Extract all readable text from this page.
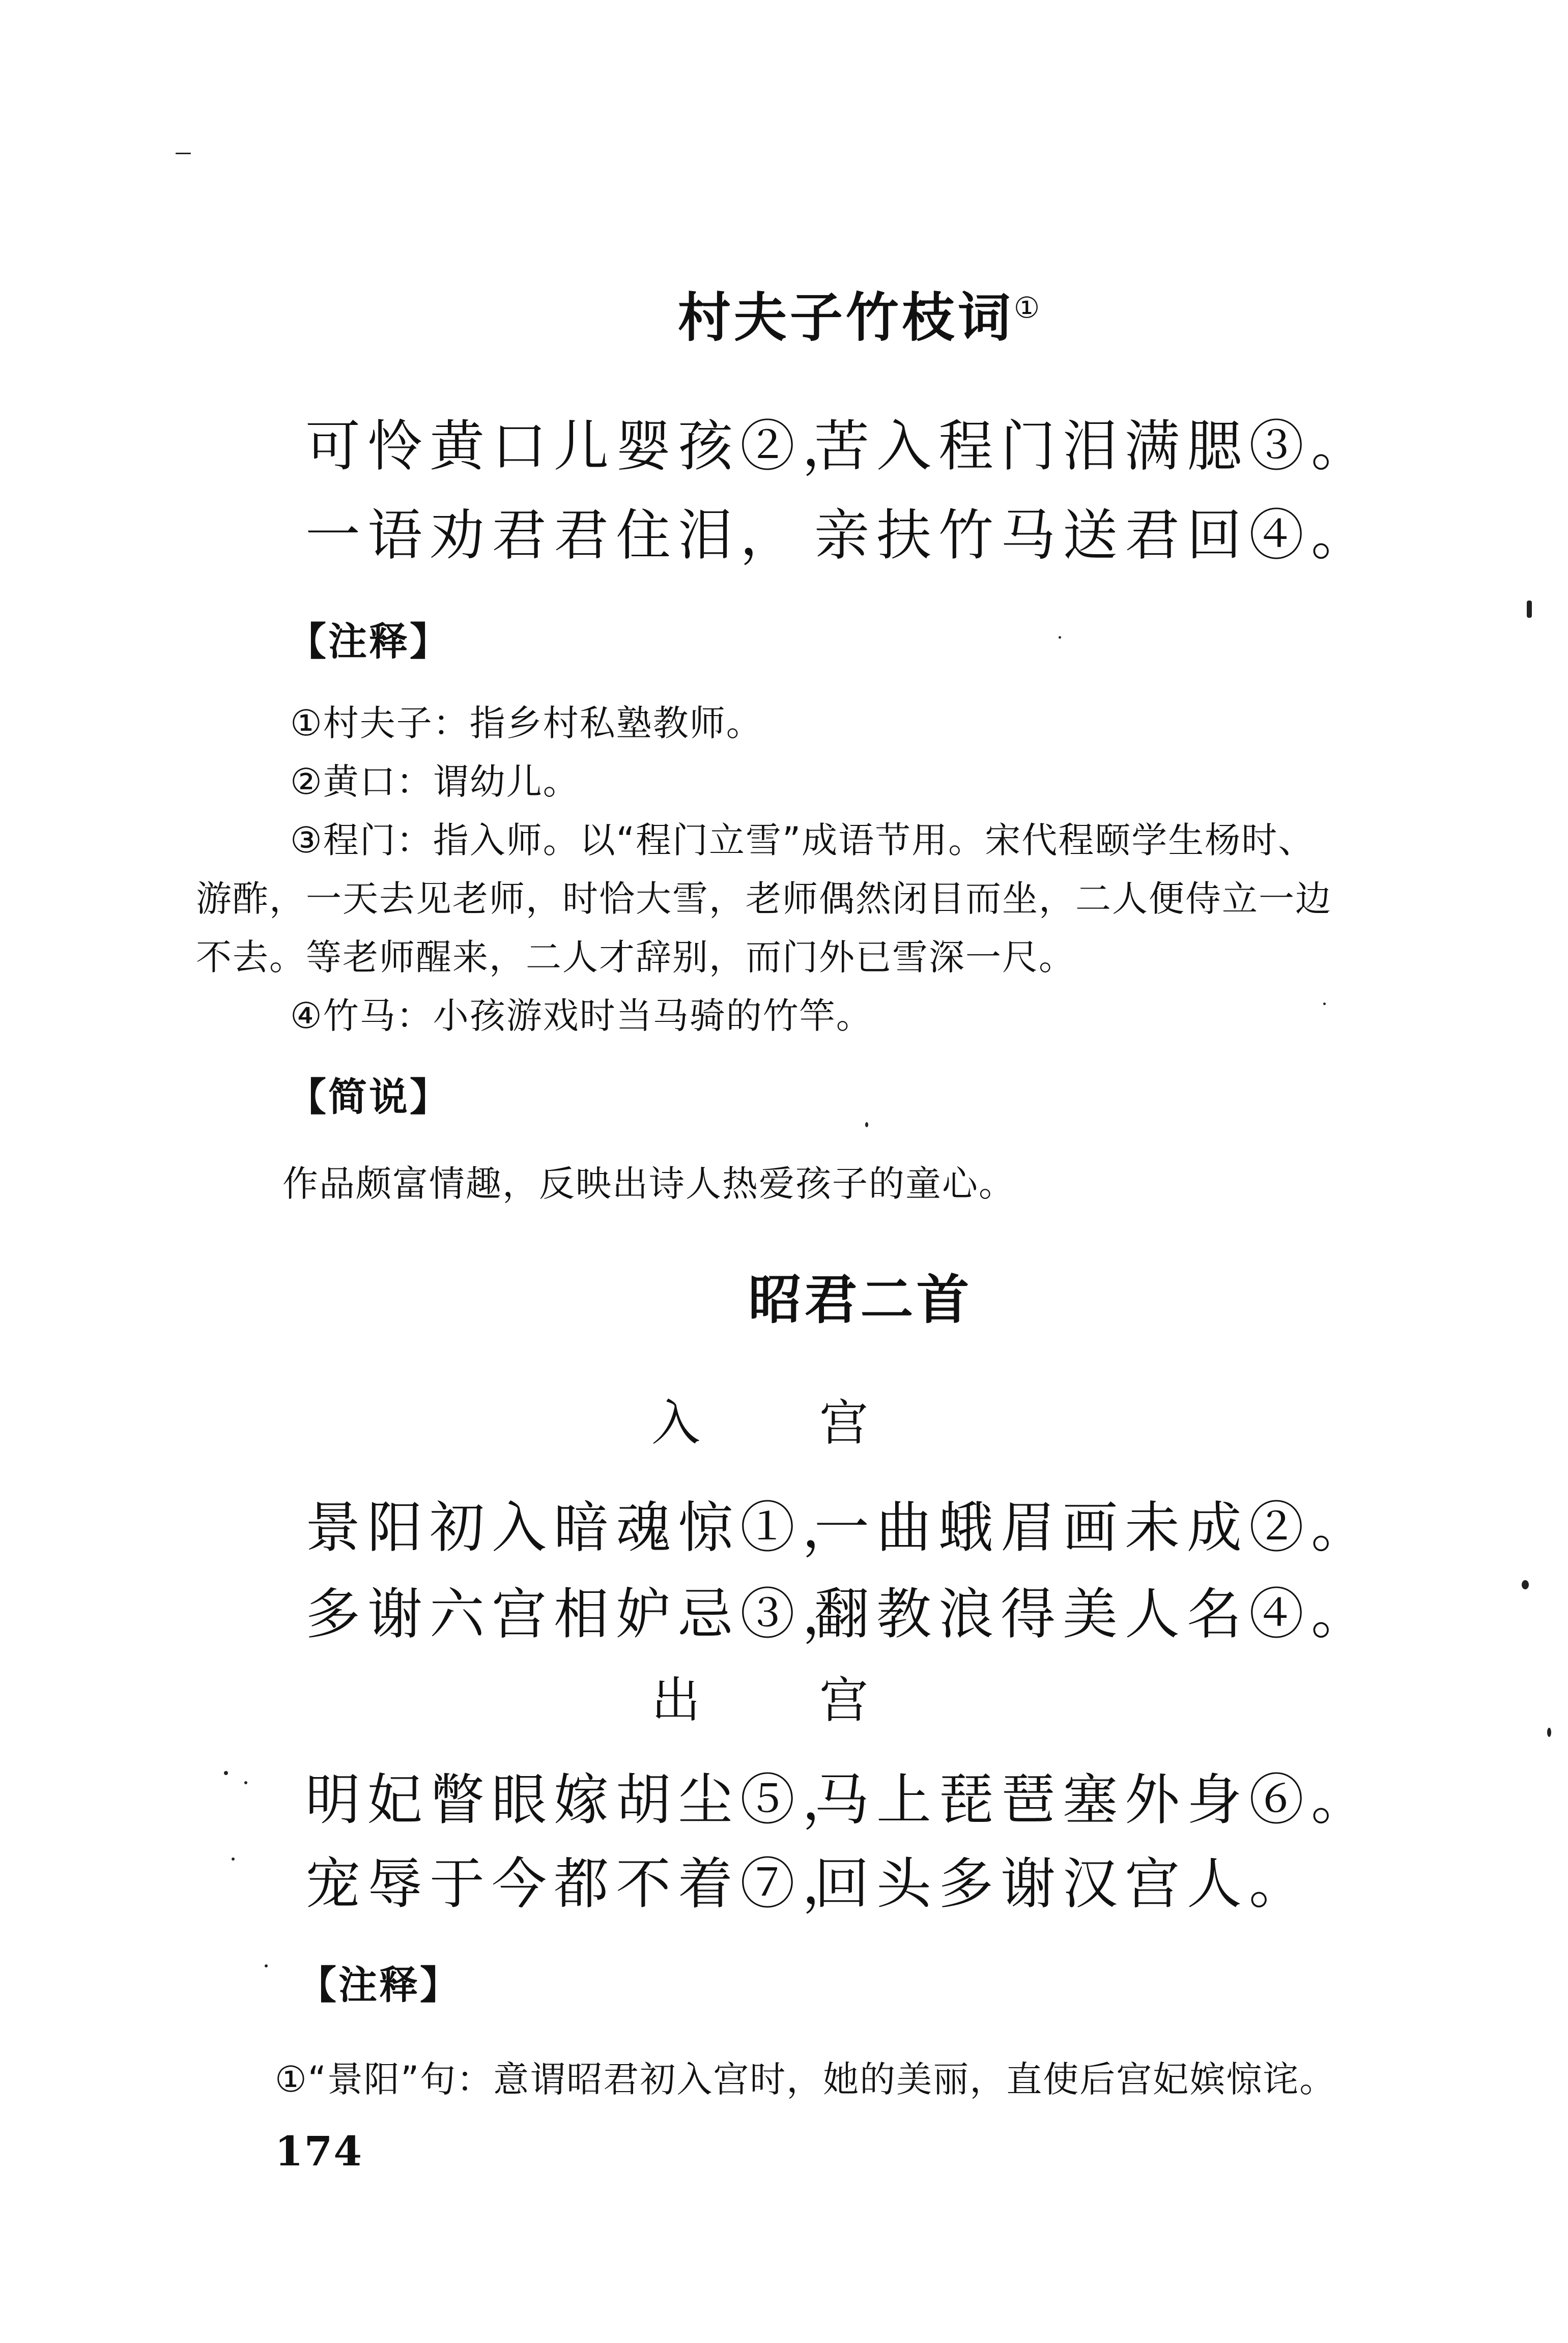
村夫子竹枝词①
可怜黄口儿婴孩②，
苦入程门泪满腮③。
一语劝君君住泪， 亲扶竹马送君回④。
【注释】
①村夫子：指乡村私塾教师。
②黄口：谓幼儿。
③程门：指入师。以“程门立雪”成语节用。宋代程颐学生杨时、
游酢，一天去见老师，时恰大雪，老师偶然闭目而坐，二人便侍立一边
不去。等老师醒来，二人才辞别，而门外已雪深一尺。
④竹马：小孩游戏时当马骑的竹竿。
【简说】
作品颇富情趣，反映出诗人热爱孩子的童心。
昭君二首
入 宫
景阳初入暗魂惊①，
一曲蛾眉画未成②。
多谢六宫相妒忌③，
翻教浪得美人名④。
出 宫
明妃瞥眼嫁胡尘⑤，
马上琵琶塞外身⑥。
宠辱于今都不着⑦，
回头多谢汉宫人。
【注释】
①“景阳”句：意谓昭君初入宫时，她的美丽，直使后宫妃嫔惊诧。
174
